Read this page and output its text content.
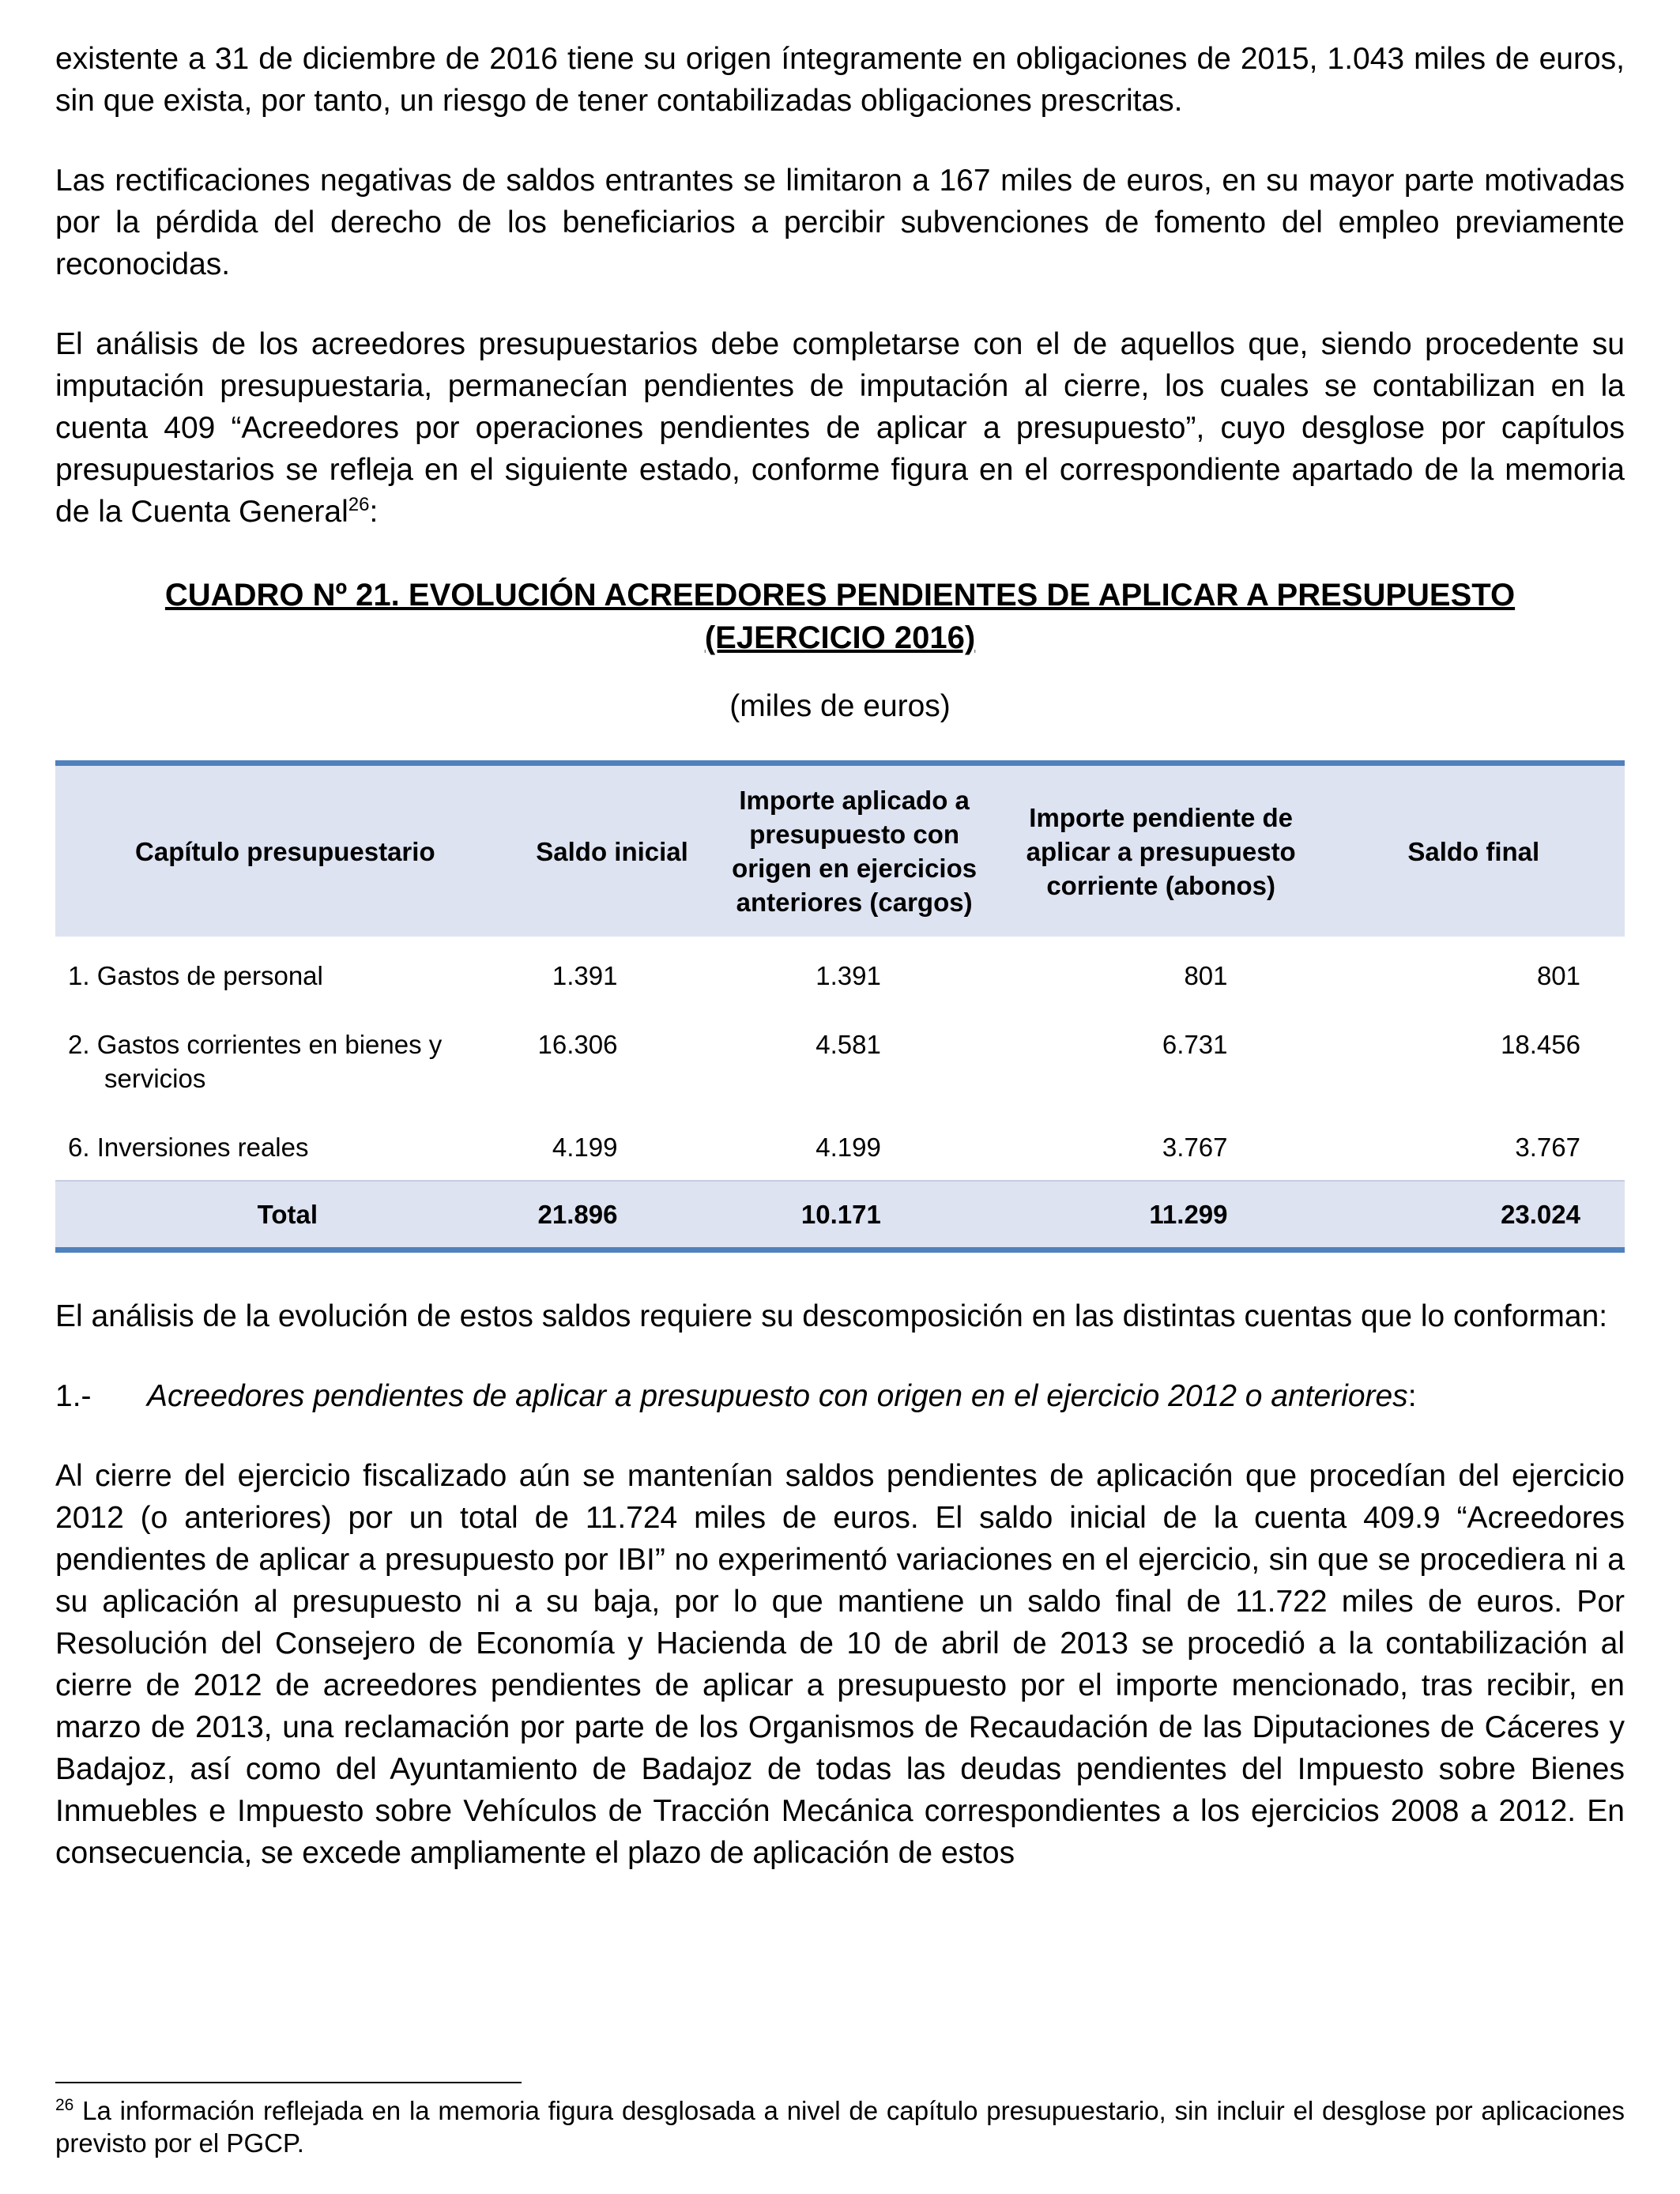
existente a 31 de diciembre de 2016 tiene su origen íntegramente en obligaciones de 2015, 1.043 miles de euros, sin que exista, por tanto, un riesgo de tener contabilizadas obligaciones prescritas.

Las rectificaciones negativas de saldos entrantes se limitaron a 167 miles de euros, en su mayor parte motivadas por la pérdida del derecho de los beneficiarios a percibir subvenciones de fomento del empleo previamente reconocidas.

El análisis de los acreedores presupuestarios debe completarse con el de aquellos que, siendo procedente su imputación presupuestaria, permanecían pendientes de imputación al cierre, los cuales se contabilizan en la cuenta 409 “Acreedores por operaciones pendientes de aplicar a presupuesto”, cuyo desglose por capítulos presupuestarios se refleja en el siguiente estado, conforme figura en el correspondiente apartado de la memoria de la Cuenta General$^{26}$:

CUADRO Nº 21. EVOLUCIÓN ACREEDORES PENDIENTES DE APLICAR A PRESUPUESTO

(EJERCICIO 2016)

(miles de euros)

Capítulo presupuestario	Saldo inicial	Importe aplicado a presupuesto con origen en ejercicios anteriores (cargos)	Importe pendiente de aplicar a presupuesto corriente (abonos)	Saldo final

1. Gastos de personal	1.391	1.391	801	801

2. Gastos corrientes en bienes y servicios	16.306	4.581	6.731	18.456

6. Inversiones reales	4.199	4.199	3.767	3.767
Total	21.896	10.171	11.299	23.024

El análisis de la evolución de estos saldos requiere su descomposición en las distintas cuentas que lo conforman:

1.-	Acreedores pendientes de aplicar a presupuesto con origen en el ejercicio 2012 o anteriores:

Al cierre del ejercicio fiscalizado aún se mantenían saldos pendientes de aplicación que procedían del ejercicio 2012 (o anteriores) por un total de 11.724 miles de euros. El saldo inicial de la cuenta 409.9 “Acreedores pendientes de aplicar a presupuesto por IBI” no experimentó variaciones en el ejercicio, sin que se procediera ni a su aplicación al presupuesto ni a su baja, por lo que mantiene un saldo final de 11.722 miles de euros. Por Resolución del Consejero de Economía y Hacienda de 10 de abril de 2013 se procedió a la contabilización al cierre de 2012 de acreedores pendientes de aplicar a presupuesto por el importe mencionado, tras recibir, en marzo de 2013, una reclamación por parte de los Organismos de Recaudación de las Diputaciones de Cáceres y Badajoz, así como del Ayuntamiento de Badajoz de todas las deudas pendientes del Impuesto sobre Bienes Inmuebles e Impuesto sobre Vehículos de Tracción Mecánica correspondientes a los ejercicios 2008 a 2012. En consecuencia, se excede ampliamente el plazo de aplicación de estos

$^{26}$ La información reflejada en la memoria figura desglosada a nivel de capítulo presupuestario, sin incluir el desglose por aplicaciones previsto por el PGCP.
